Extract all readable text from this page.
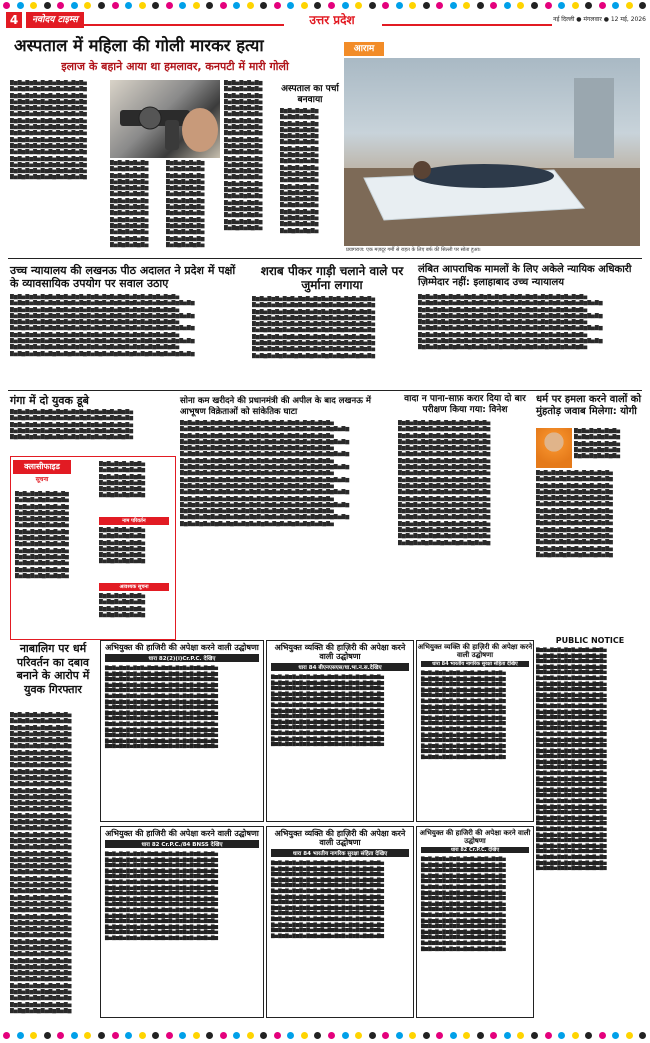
4	नवोदय टाइम्स	उत्तर प्रदेश	नई दिल्ली ● मंगलवार ● 12 मई, 2026
अस्पताल में महिला की गोली मारकर हत्या
इलाज के बहाने आया था हमलावर, कनपटी में मारी गोली
▇▆▇▅▇▆▇▅▇▆▇▅▇▆▇▅▇▆▇▅ ▇▅▇▆▇▅▇▆▇▅▇▆▇▅▇▆▇▅▇▆ ▇▆▇▅▇▆▇▅▇▆▇▅▇▆▇▅▇▆▇▅ ▇▅▇▆▇▅▇▆▇▅▇▆▇▅▇▆▇▅▇▆ ▇▆▇▅▇▆▇▅▇▆▇▅▇▆▇▅▇▆▇▅ ▇▅▇▆▇▅▇▆▇▅▇▆▇▅▇▆▇▅▇▆ ▇▆▇▅▇▆▇▅▇▆▇▅▇▆▇▅▇▆▇▅ ▇▅▇▆▇▅▇▆▇▅▇▆▇▅▇▆▇▅▇▆ ▇▆▇▅▇▆▇▅▇▆▇▅▇▆▇▅▇▆▇▅ ▇▅▇▆▇▅▇▆▇▅▇▆▇▅▇▆▇▅▇▆ ▇▆▇▅▇▆▇▅▇▆▇▅▇▆▇▅▇▆▇▅ ▇▅▇▆▇▅▇▆▇▅▇▆▇▅▇▆▇▅▇▆ ▇▆▇▅▇▆▇▅▇▆▇▅▇▆▇▅▇▆▇▅ ▇▅▇▆▇▅▇▆▇▅▇▆▇▅▇▆▇▅▇▆ ▇▆▇▅▇▆▇▅▇▆▇▅▇▆▇▅▇▆▇▅ ▇▅▇▆▇▅▇▆▇▅▇▆▇▅▇▆▇▅▇▆
▇▆▇▅▇▆▇▅▇▆ ▇▅▇▆▇▅▇▆▇▅ ▇▆▇▅▇▆▇▅▇▆ ▇▅▇▆▇▅▇▆▇▅ ▇▆▇▅▇▆▇▅▇▆ ▇▅▇▆▇▅▇▆▇▅ ▇▆▇▅▇▆▇▅▇▆ ▇▅▇▆▇▅▇▆▇▅ ▇▆▇▅▇▆▇▅▇▆ ▇▅▇▆▇▅▇▆▇▅ ▇▆▇▅▇▆▇▅▇▆ ▇▅▇▆▇▅▇▆▇▅ ▇▆▇▅▇▆▇▅▇▆ ▇▅▇▆▇▅▇▆▇▅
▇▆▇▅▇▆▇▅▇▆ ▇▅▇▆▇▅▇▆▇▅ ▇▆▇▅▇▆▇▅▇▆ ▇▅▇▆▇▅▇▆▇▅ ▇▆▇▅▇▆▇▅▇▆ ▇▅▇▆▇▅▇▆▇▅ ▇▆▇▅▇▆▇▅▇▆ ▇▅▇▆▇▅▇▆▇▅ ▇▆▇▅▇▆▇▅▇▆ ▇▅▇▆▇▅▇▆▇▅ ▇▆▇▅▇▆▇▅▇▆ ▇▅▇▆▇▅▇▆▇▅ ▇▆▇▅▇▆▇▅▇▆ ▇▅▇▆▇▅▇▆▇▅
▇▆▇▅▇▆▇▅▇▆ ▇▅▇▆▇▅▇▆▇▅ ▇▆▇▅▇▆▇▅▇▆ ▇▅▇▆▇▅▇▆▇▅ ▇▆▇▅▇▆▇▅▇▆ ▇▅▇▆▇▅▇▆▇▅ ▇▆▇▅▇▆▇▅▇▆ ▇▅▇▆▇▅▇▆▇▅ ▇▆▇▅▇▆▇▅▇▆ ▇▅▇▆▇▅▇▆▇▅ ▇▆▇▅▇▆▇▅▇▆ ▇▅▇▆▇▅▇▆▇▅ ▇▆▇▅▇▆▇▅▇▆ ▇▅▇▆▇▅▇▆▇▅ ▇▆▇▅▇▆▇▅▇▆ ▇▅▇▆▇▅▇▆▇▅ ▇▆▇▅▇▆▇▅▇▆ ▇▅▇▆▇▅▇▆▇▅ ▇▆▇▅▇▆▇▅▇▆ ▇▅▇▆▇▅▇▆▇▅ ▇▆▇▅▇▆▇▅▇▆ ▇▅▇▆▇▅▇▆▇▅ ▇▆▇▅▇▆▇▅▇▆ ▇▅▇▆▇▅▇▆▇▅
अस्पताल का पर्चा बनवाया
▇▆▇▅▇▆▇▅▇▆ ▇▅▇▆▇▅▇▆▇▅ ▇▆▇▅▇▆▇▅▇▆ ▇▅▇▆▇▅▇▆▇▅ ▇▆▇▅▇▆▇▅▇▆ ▇▅▇▆▇▅▇▆▇▅ ▇▆▇▅▇▆▇▅▇▆ ▇▅▇▆▇▅▇▆▇▅ ▇▆▇▅▇▆▇▅▇▆ ▇▅▇▆▇▅▇▆▇▅ ▇▆▇▅▇▆▇▅▇▆ ▇▅▇▆▇▅▇▆▇▅ ▇▆▇▅▇▆▇▅▇▆ ▇▅▇▆▇▅▇▆▇▅ ▇▆▇▅▇▆▇▅▇▆ ▇▅▇▆▇▅▇▆▇▅ ▇▆▇▅▇▆▇▅▇▆ ▇▅▇▆▇▅▇▆▇▅ ▇▆▇▅▇▆▇▅▇▆ ▇▅▇▆▇▅▇▆▇▅
आराम
प्रयागराज: एक मज़दूर गर्मी से राहत के लिए बर्फ की सिल्ली पर सोता हुआ।
उच्च न्यायालय की लखनऊ पीठ अदालत ने प्रदेश में पक्षों के व्यावसायिक उपयोग पर सवाल उठाए
▇▆▇▅▇▆▇▅▇▆▇▅▇▆▇▅▇▆▇▅▇▆▇▅▇▆▇▅▇▆▇▅▇▆▇▅▇▆▇▅▇▆▇▅ ▇▅▇▆▇▅▇▆▇▅▇▆▇▅▇▆▇▅▇▆▇▅▇▆▇▅▇▆▇▅▇▆▇▅▇▆▇▅▇▆▇▅▇▆▇▅▇▆ ▇▆▇▅▇▆▇▅▇▆▇▅▇▆▇▅▇▆▇▅▇▆▇▅▇▆▇▅▇▆▇▅▇▆▇▅▇▆▇▅▇▆▇▅ ▇▅▇▆▇▅▇▆▇▅▇▆▇▅▇▆▇▅▇▆▇▅▇▆▇▅▇▆▇▅▇▆▇▅▇▆▇▅▇▆▇▅▇▆▇▅▇▆ ▇▆▇▅▇▆▇▅▇▆▇▅▇▆▇▅▇▆▇▅▇▆▇▅▇▆▇▅▇▆▇▅▇▆▇▅▇▆▇▅▇▆▇▅ ▇▅▇▆▇▅▇▆▇▅▇▆▇▅▇▆▇▅▇▆▇▅▇▆▇▅▇▆▇▅▇▆▇▅▇▆▇▅▇▆▇▅▇▆▇▅▇▆ ▇▆▇▅▇▆▇▅▇▆▇▅▇▆▇▅▇▆▇▅▇▆▇▅▇▆▇▅▇▆▇▅▇▆▇▅▇▆▇▅▇▆▇▅ ▇▅▇▆▇▅▇▆▇▅▇▆▇▅▇▆▇▅▇▆▇▅▇▆▇▅▇▆▇▅▇▆▇▅▇▆▇▅▇▆▇▅▇▆▇▅▇▆ ▇▆▇▅▇▆▇▅▇▆▇▅▇▆▇▅▇▆▇▅▇▆▇▅▇▆▇▅▇▆▇▅▇▆▇▅▇▆▇▅▇▆▇▅ ▇▅▇▆▇▅▇▆▇▅▇▆▇▅▇▆▇▅▇▆▇▅▇▆▇▅▇▆▇▅▇▆▇▅▇▆▇▅▇▆▇▅▇▆▇▅▇▆
शराब पीकर गाड़ी चलाने वाले पर जुर्माना लगाया
▇▆▇▅▇▆▇▅▇▆▇▅▇▆▇▅▇▆▇▅▇▆▇▅▇▆▇▅▇▆▇▅ ▇▅▇▆▇▅▇▆▇▅▇▆▇▅▇▆▇▅▇▆▇▅▇▆▇▅▇▆▇▅▇▆ ▇▆▇▅▇▆▇▅▇▆▇▅▇▆▇▅▇▆▇▅▇▆▇▅▇▆▇▅▇▆▇▅ ▇▅▇▆▇▅▇▆▇▅▇▆▇▅▇▆▇▅▇▆▇▅▇▆▇▅▇▆▇▅▇▆ ▇▆▇▅▇▆▇▅▇▆▇▅▇▆▇▅▇▆▇▅▇▆▇▅▇▆▇▅▇▆▇▅ ▇▅▇▆▇▅▇▆▇▅▇▆▇▅▇▆▇▅▇▆▇▅▇▆▇▅▇▆▇▅▇▆ ▇▆▇▅▇▆▇▅▇▆▇▅▇▆▇▅▇▆▇▅▇▆▇▅▇▆▇▅▇▆▇▅ ▇▅▇▆▇▅▇▆▇▅▇▆▇▅▇▆▇▅▇▆▇▅▇▆▇▅▇▆▇▅▇▆ ▇▆▇▅▇▆▇▅▇▆▇▅▇▆▇▅▇▆▇▅▇▆▇▅▇▆▇▅▇▆▇▅ ▇▅▇▆▇▅▇▆▇▅▇▆▇▅▇▆▇▅▇▆▇▅▇▆▇▅▇▆▇▅▇▆
लंबित आपराधिक मामलों के लिए अकेले न्यायिक अधिकारी ज़िम्मेदार नहीं: इलाहाबाद उच्च न्यायालय
▇▆▇▅▇▆▇▅▇▆▇▅▇▆▇▅▇▆▇▅▇▆▇▅▇▆▇▅▇▆▇▅▇▆▇▅▇▆▇▅▇▆▇▅ ▇▅▇▆▇▅▇▆▇▅▇▆▇▅▇▆▇▅▇▆▇▅▇▆▇▅▇▆▇▅▇▆▇▅▇▆▇▅▇▆▇▅▇▆▇▅▇▆ ▇▆▇▅▇▆▇▅▇▆▇▅▇▆▇▅▇▆▇▅▇▆▇▅▇▆▇▅▇▆▇▅▇▆▇▅▇▆▇▅▇▆▇▅ ▇▅▇▆▇▅▇▆▇▅▇▆▇▅▇▆▇▅▇▆▇▅▇▆▇▅▇▆▇▅▇▆▇▅▇▆▇▅▇▆▇▅▇▆▇▅▇▆ ▇▆▇▅▇▆▇▅▇▆▇▅▇▆▇▅▇▆▇▅▇▆▇▅▇▆▇▅▇▆▇▅▇▆▇▅▇▆▇▅▇▆▇▅ ▇▅▇▆▇▅▇▆▇▅▇▆▇▅▇▆▇▅▇▆▇▅▇▆▇▅▇▆▇▅▇▆▇▅▇▆▇▅▇▆▇▅▇▆▇▅▇▆ ▇▆▇▅▇▆▇▅▇▆▇▅▇▆▇▅▇▆▇▅▇▆▇▅▇▆▇▅▇▆▇▅▇▆▇▅▇▆▇▅▇▆▇▅ ▇▅▇▆▇▅▇▆▇▅▇▆▇▅▇▆▇▅▇▆▇▅▇▆▇▅▇▆▇▅▇▆▇▅▇▆▇▅▇▆▇▅▇▆▇▅▇▆ ▇▆▇▅▇▆▇▅▇▆▇▅▇▆▇▅▇▆▇▅▇▆▇▅▇▆▇▅▇▆▇▅▇▆▇▅▇▆▇▅▇▆▇▅
गंगा में दो युवक डूबे
▇▆▇▅▇▆▇▅▇▆▇▅▇▆▇▅▇▆▇▅▇▆▇▅▇▆▇▅▇▆▇▅ ▇▅▇▆▇▅▇▆▇▅▇▆▇▅▇▆▇▅▇▆▇▅▇▆▇▅▇▆▇▅▇▆ ▇▆▇▅▇▆▇▅▇▆▇▅▇▆▇▅▇▆▇▅▇▆▇▅▇▆▇▅▇▆▇▅ ▇▅▇▆▇▅▇▆▇▅▇▆▇▅▇▆▇▅▇▆▇▅▇▆▇▅▇▆▇▅▇▆ ▇▆▇▅▇▆▇▅▇▆▇▅▇▆▇▅▇▆▇▅▇▆▇▅▇▆▇▅▇▆▇▅
क्लासीफाइड
सूचना
नाम परिवर्तन
आवश्यक सूचना
▇▆▇▅▇▆▇▅▇▆▇▅▇▆ ▇▅▇▆▇▅▇▆▇▅▇▆▇▅ ▇▆▇▅▇▆▇▅▇▆▇▅▇▆ ▇▅▇▆▇▅▇▆▇▅▇▆▇▅ ▇▆▇▅▇▆▇▅▇▆▇▅▇▆ ▇▅▇▆▇▅▇▆▇▅▇▆▇▅ ▇▆▇▅▇▆▇▅▇▆▇▅▇▆ ▇▅▇▆▇▅▇▆▇▅▇▆▇▅ ▇▆▇▅▇▆▇▅▇▆▇▅▇▆ ▇▅▇▆▇▅▇▆▇▅▇▆▇▅ ▇▆▇▅▇▆▇▅▇▆▇▅▇▆ ▇▅▇▆▇▅▇▆▇▅▇▆▇▅ ▇▆▇▅▇▆▇▅▇▆▇▅▇▆ ▇▅▇▆▇▅▇▆▇▅▇▆▇▅
▇▆▇▅▇▆▇▅▇▆▇▅ ▇▅▇▆▇▅▇▆▇▅▇▆ ▇▆▇▅▇▆▇▅▇▆▇▅ ▇▅▇▆▇▅▇▆▇▅▇▆ ▇▆▇▅▇▆▇▅▇▆▇▅ ▇▅▇▆▇▅▇▆▇▅▇▆
▇▆▇▅▇▆▇▅▇▆▇▅ ▇▅▇▆▇▅▇▆▇▅▇▆ ▇▆▇▅▇▆▇▅▇▆▇▅ ▇▅▇▆▇▅▇▆▇▅▇▆ ▇▆▇▅▇▆▇▅▇▆▇▅ ▇▅▇▆▇▅▇▆▇▅▇▆
▇▆▇▅▇▆▇▅▇▆▇▅ ▇▅▇▆▇▅▇▆▇▅▇▆ ▇▆▇▅▇▆▇▅▇▆▇▅ ▇▅▇▆▇▅▇▆▇▅▇▆
सोना कम खरीदने की प्रधानमंत्री की अपील के बाद लखनऊ में आभूषण विक्रेताओं को सांकेतिक घाटा
▇▆▇▅▇▆▇▅▇▆▇▅▇▆▇▅▇▆▇▅▇▆▇▅▇▆▇▅▇▆▇▅▇▆▇▅▇▆▇▅ ▇▅▇▆▇▅▇▆▇▅▇▆▇▅▇▆▇▅▇▆▇▅▇▆▇▅▇▆▇▅▇▆▇▅▇▆▇▅▇▆▇▅▇▆ ▇▆▇▅▇▆▇▅▇▆▇▅▇▆▇▅▇▆▇▅▇▆▇▅▇▆▇▅▇▆▇▅▇▆▇▅▇▆▇▅ ▇▅▇▆▇▅▇▆▇▅▇▆▇▅▇▆▇▅▇▆▇▅▇▆▇▅▇▆▇▅▇▆▇▅▇▆▇▅▇▆▇▅▇▆ ▇▆▇▅▇▆▇▅▇▆▇▅▇▆▇▅▇▆▇▅▇▆▇▅▇▆▇▅▇▆▇▅▇▆▇▅▇▆▇▅ ▇▅▇▆▇▅▇▆▇▅▇▆▇▅▇▆▇▅▇▆▇▅▇▆▇▅▇▆▇▅▇▆▇▅▇▆▇▅▇▆▇▅▇▆ ▇▆▇▅▇▆▇▅▇▆▇▅▇▆▇▅▇▆▇▅▇▆▇▅▇▆▇▅▇▆▇▅▇▆▇▅▇▆▇▅ ▇▅▇▆▇▅▇▆▇▅▇▆▇▅▇▆▇▅▇▆▇▅▇▆▇▅▇▆▇▅▇▆▇▅▇▆▇▅▇▆▇▅▇▆ ▇▆▇▅▇▆▇▅▇▆▇▅▇▆▇▅▇▆▇▅▇▆▇▅▇▆▇▅▇▆▇▅▇▆▇▅▇▆▇▅ ▇▅▇▆▇▅▇▆▇▅▇▆▇▅▇▆▇▅▇▆▇▅▇▆▇▅▇▆▇▅▇▆▇▅▇▆▇▅▇▆▇▅▇▆ ▇▆▇▅▇▆▇▅▇▆▇▅▇▆▇▅▇▆▇▅▇▆▇▅▇▆▇▅▇▆▇▅▇▆▇▅▇▆▇▅ ▇▅▇▆▇▅▇▆▇▅▇▆▇▅▇▆▇▅▇▆▇▅▇▆▇▅▇▆▇▅▇▆▇▅▇▆▇▅▇▆▇▅▇▆ ▇▆▇▅▇▆▇▅▇▆▇▅▇▆▇▅▇▆▇▅▇▆▇▅▇▆▇▅▇▆▇▅▇▆▇▅▇▆▇▅ ▇▅▇▆▇▅▇▆▇▅▇▆▇▅▇▆▇▅▇▆▇▅▇▆▇▅▇▆▇▅▇▆▇▅▇▆▇▅▇▆▇▅▇▆ ▇▆▇▅▇▆▇▅▇▆▇▅▇▆▇▅▇▆▇▅▇▆▇▅▇▆▇▅▇▆▇▅▇▆▇▅▇▆▇▅ ▇▅▇▆▇▅▇▆▇▅▇▆▇▅▇▆▇▅▇▆▇▅▇▆▇▅▇▆▇▅▇▆▇▅▇▆▇▅▇▆▇▅▇▆ ▇▆▇▅▇▆▇▅▇▆▇▅▇▆▇▅▇▆▇▅▇▆▇▅▇▆▇▅▇▆▇▅▇▆▇▅▇▆▇▅
वादा न पाना-साफ़ करार दिया दो बार परीक्षण किया गया: विनेश
▇▆▇▅▇▆▇▅▇▆▇▅▇▆▇▅▇▆▇▅▇▆▇▅ ▇▅▇▆▇▅▇▆▇▅▇▆▇▅▇▆▇▅▇▆▇▅▇▆ ▇▆▇▅▇▆▇▅▇▆▇▅▇▆▇▅▇▆▇▅▇▆▇▅ ▇▅▇▆▇▅▇▆▇▅▇▆▇▅▇▆▇▅▇▆▇▅▇▆ ▇▆▇▅▇▆▇▅▇▆▇▅▇▆▇▅▇▆▇▅▇▆▇▅ ▇▅▇▆▇▅▇▆▇▅▇▆▇▅▇▆▇▅▇▆▇▅▇▆ ▇▆▇▅▇▆▇▅▇▆▇▅▇▆▇▅▇▆▇▅▇▆▇▅ ▇▅▇▆▇▅▇▆▇▅▇▆▇▅▇▆▇▅▇▆▇▅▇▆ ▇▆▇▅▇▆▇▅▇▆▇▅▇▆▇▅▇▆▇▅▇▆▇▅ ▇▅▇▆▇▅▇▆▇▅▇▆▇▅▇▆▇▅▇▆▇▅▇▆ ▇▆▇▅▇▆▇▅▇▆▇▅▇▆▇▅▇▆▇▅▇▆▇▅ ▇▅▇▆▇▅▇▆▇▅▇▆▇▅▇▆▇▅▇▆▇▅▇▆ ▇▆▇▅▇▆▇▅▇▆▇▅▇▆▇▅▇▆▇▅▇▆▇▅ ▇▅▇▆▇▅▇▆▇▅▇▆▇▅▇▆▇▅▇▆▇▅▇▆ ▇▆▇▅▇▆▇▅▇▆▇▅▇▆▇▅▇▆▇▅▇▆▇▅ ▇▅▇▆▇▅▇▆▇▅▇▆▇▅▇▆▇▅▇▆▇▅▇▆ ▇▆▇▅▇▆▇▅▇▆▇▅▇▆▇▅▇▆▇▅▇▆▇▅ ▇▅▇▆▇▅▇▆▇▅▇▆▇▅▇▆▇▅▇▆▇▅▇▆ ▇▆▇▅▇▆▇▅▇▆▇▅▇▆▇▅▇▆▇▅▇▆▇▅ ▇▅▇▆▇▅▇▆▇▅▇▆▇▅▇▆▇▅▇▆▇▅▇▆
धर्म पर हमला करने वालों को मुंहतोड़ जवाब मिलेगा: योगी
▇▆▇▅▇▆▇▅▇▆▇▅ ▇▅▇▆▇▅▇▆▇▅▇▆ ▇▆▇▅▇▆▇▅▇▆▇▅ ▇▅▇▆▇▅▇▆▇▅▇▆ ▇▆▇▅▇▆▇▅▇▆▇▅
▇▆▇▅▇▆▇▅▇▆▇▅▇▆▇▅▇▆▇▅ ▇▅▇▆▇▅▇▆▇▅▇▆▇▅▇▆▇▅▇▆ ▇▆▇▅▇▆▇▅▇▆▇▅▇▆▇▅▇▆▇▅ ▇▅▇▆▇▅▇▆▇▅▇▆▇▅▇▆▇▅▇▆ ▇▆▇▅▇▆▇▅▇▆▇▅▇▆▇▅▇▆▇▅ ▇▅▇▆▇▅▇▆▇▅▇▆▇▅▇▆▇▅▇▆ ▇▆▇▅▇▆▇▅▇▆▇▅▇▆▇▅▇▆▇▅ ▇▅▇▆▇▅▇▆▇▅▇▆▇▅▇▆▇▅▇▆ ▇▆▇▅▇▆▇▅▇▆▇▅▇▆▇▅▇▆▇▅ ▇▅▇▆▇▅▇▆▇▅▇▆▇▅▇▆▇▅▇▆ ▇▆▇▅▇▆▇▅▇▆▇▅▇▆▇▅▇▆▇▅ ▇▅▇▆▇▅▇▆▇▅▇▆▇▅▇▆▇▅▇▆ ▇▆▇▅▇▆▇▅▇▆▇▅▇▆▇▅▇▆▇▅ ▇▅▇▆▇▅▇▆▇▅▇▆▇▅▇▆▇▅▇▆
नाबालिग पर धर्म परिवर्तन का दबाव बनाने के आरोप में युवक गिरफ्तार
▇▆▇▅▇▆▇▅▇▆▇▅▇▆▇▅ ▇▅▇▆▇▅▇▆▇▅▇▆▇▅▇▆ ▇▆▇▅▇▆▇▅▇▆▇▅▇▆▇▅ ▇▅▇▆▇▅▇▆▇▅▇▆▇▅▇▆ ▇▆▇▅▇▆▇▅▇▆▇▅▇▆▇▅ ▇▅▇▆▇▅▇▆▇▅▇▆▇▅▇▆ ▇▆▇▅▇▆▇▅▇▆▇▅▇▆▇▅ ▇▅▇▆▇▅▇▆▇▅▇▆▇▅▇▆ ▇▆▇▅▇▆▇▅▇▆▇▅▇▆▇▅ ▇▅▇▆▇▅▇▆▇▅▇▆▇▅▇▆ ▇▆▇▅▇▆▇▅▇▆▇▅▇▆▇▅ ▇▅▇▆▇▅▇▆▇▅▇▆▇▅▇▆ ▇▆▇▅▇▆▇▅▇▆▇▅▇▆▇▅ ▇▅▇▆▇▅▇▆▇▅▇▆▇▅▇▆ ▇▆▇▅▇▆▇▅▇▆▇▅▇▆▇▅ ▇▅▇▆▇▅▇▆▇▅▇▆▇▅▇▆ ▇▆▇▅▇▆▇▅▇▆▇▅▇▆▇▅ ▇▅▇▆▇▅▇▆▇▅▇▆▇▅▇▆ ▇▆▇▅▇▆▇▅▇▆▇▅▇▆▇▅ ▇▅▇▆▇▅▇▆▇▅▇▆▇▅▇▆ ▇▆▇▅▇▆▇▅▇▆▇▅▇▆▇▅ ▇▅▇▆▇▅▇▆▇▅▇▆▇▅▇▆ ▇▆▇▅▇▆▇▅▇▆▇▅▇▆▇▅ ▇▅▇▆▇▅▇▆▇▅▇▆▇▅▇▆ ▇▆▇▅▇▆▇▅▇▆▇▅▇▆▇▅ ▇▅▇▆▇▅▇▆▇▅▇▆▇▅▇▆ ▇▆▇▅▇▆▇▅▇▆▇▅▇▆▇▅ ▇▅▇▆▇▅▇▆▇▅▇▆▇▅▇▆ ▇▆▇▅▇▆▇▅▇▆▇▅▇▆▇▅ ▇▅▇▆▇▅▇▆▇▅▇▆▇▅▇▆ ▇▆▇▅▇▆▇▅▇▆▇▅▇▆▇▅ ▇▅▇▆▇▅▇▆▇▅▇▆▇▅▇▆ ▇▆▇▅▇▆▇▅▇▆▇▅▇▆▇▅ ▇▅▇▆▇▅▇▆▇▅▇▆▇▅▇▆ ▇▆▇▅▇▆▇▅▇▆▇▅▇▆▇▅ ▇▅▇▆▇▅▇▆▇▅▇▆▇▅▇▆ ▇▆▇▅▇▆▇▅▇▆▇▅▇▆▇▅ ▇▅▇▆▇▅▇▆▇▅▇▆▇▅▇▆ ▇▆▇▅▇▆▇▅▇▆▇▅▇▆▇▅ ▇▅▇▆▇▅▇▆▇▅▇▆▇▅▇▆ ▇▆▇▅▇▆▇▅▇▆▇▅▇▆▇▅ ▇▅▇▆▇▅▇▆▇▅▇▆▇▅▇▆ ▇▆▇▅▇▆▇▅▇▆▇▅▇▆▇▅ ▇▅▇▆▇▅▇▆▇▅▇▆▇▅▇▆ ▇▆▇▅▇▆▇▅▇▆▇▅▇▆▇▅ ▇▅▇▆▇▅▇▆▇▅▇▆▇▅▇▆ ▇▆▇▅▇▆▇▅▇▆▇▅▇▆▇▅ ▇▅▇▆▇▅▇▆▇▅▇▆▇▅▇▆
अभियुक्त की हाजिरी की अपेक्षा करने वाली उद्घोषणा
धारा 82(2)(i)Cr.P.C. देखिए
▇▆▇▅▇▆▇▅▇▆▇▅▇▆▇▅▇▆▇▅▇▆▇▅▇▆▇▅▇▆▇▅ ▇▅▇▆▇▅▇▆▇▅▇▆▇▅▇▆▇▅▇▆▇▅▇▆▇▅▇▆▇▅▇▆ ▇▆▇▅▇▆▇▅▇▆▇▅▇▆▇▅▇▆▇▅▇▆▇▅▇▆▇▅▇▆▇▅ ▇▅▇▆▇▅▇▆▇▅▇▆▇▅▇▆▇▅▇▆▇▅▇▆▇▅▇▆▇▅▇▆ ▇▆▇▅▇▆▇▅▇▆▇▅▇▆▇▅▇▆▇▅▇▆▇▅▇▆▇▅▇▆▇▅ ▇▅▇▆▇▅▇▆▇▅▇▆▇▅▇▆▇▅▇▆▇▅▇▆▇▅▇▆▇▅▇▆ ▇▆▇▅▇▆▇▅▇▆▇▅▇▆▇▅▇▆▇▅▇▆▇▅▇▆▇▅▇▆▇▅ ▇▅▇▆▇▅▇▆▇▅▇▆▇▅▇▆▇▅▇▆▇▅▇▆▇▅▇▆▇▅▇▆ ▇▆▇▅▇▆▇▅▇▆▇▅▇▆▇▅▇▆▇▅▇▆▇▅▇▆▇▅▇▆▇▅ ▇▅▇▆▇▅▇▆▇▅▇▆▇▅▇▆▇▅▇▆▇▅▇▆▇▅▇▆▇▅▇▆ ▇▆▇▅▇▆▇▅▇▆▇▅▇▆▇▅▇▆▇▅▇▆▇▅▇▆▇▅▇▆▇▅ ▇▅▇▆▇▅▇▆▇▅▇▆▇▅▇▆▇▅▇▆▇▅▇▆▇▅▇▆▇▅▇▆ ▇▆▇▅▇▆▇▅▇▆▇▅▇▆▇▅▇▆▇▅▇▆▇▅▇▆▇▅▇▆▇▅ ▇▅▇▆▇▅▇▆▇▅▇▆▇▅▇▆▇▅▇▆▇▅▇▆▇▅▇▆▇▅▇▆ ▇▆▇▅▇▆▇▅▇▆▇▅▇▆▇▅▇▆▇▅▇▆▇▅▇▆▇▅▇▆▇▅
अभियुक्त व्यक्ति की हाज़िरी की अपेक्षा करने वाली उद्घोषणा
धारा 84 बीएनएसएस/धा.भा.न.स.देखिए
▇▆▇▅▇▆▇▅▇▆▇▅▇▆▇▅▇▆▇▅▇▆▇▅▇▆▇▅▇▆▇▅ ▇▅▇▆▇▅▇▆▇▅▇▆▇▅▇▆▇▅▇▆▇▅▇▆▇▅▇▆▇▅▇▆ ▇▆▇▅▇▆▇▅▇▆▇▅▇▆▇▅▇▆▇▅▇▆▇▅▇▆▇▅▇▆▇▅ ▇▅▇▆▇▅▇▆▇▅▇▆▇▅▇▆▇▅▇▆▇▅▇▆▇▅▇▆▇▅▇▆ ▇▆▇▅▇▆▇▅▇▆▇▅▇▆▇▅▇▆▇▅▇▆▇▅▇▆▇▅▇▆▇▅ ▇▅▇▆▇▅▇▆▇▅▇▆▇▅▇▆▇▅▇▆▇▅▇▆▇▅▇▆▇▅▇▆ ▇▆▇▅▇▆▇▅▇▆▇▅▇▆▇▅▇▆▇▅▇▆▇▅▇▆▇▅▇▆▇▅ ▇▅▇▆▇▅▇▆▇▅▇▆▇▅▇▆▇▅▇▆▇▅▇▆▇▅▇▆▇▅▇▆ ▇▆▇▅▇▆▇▅▇▆▇▅▇▆▇▅▇▆▇▅▇▆▇▅▇▆▇▅▇▆▇▅ ▇▅▇▆▇▅▇▆▇▅▇▆▇▅▇▆▇▅▇▆▇▅▇▆▇▅▇▆▇▅▇▆ ▇▆▇▅▇▆▇▅▇▆▇▅▇▆▇▅▇▆▇▅▇▆▇▅▇▆▇▅▇▆▇▅ ▇▅▇▆▇▅▇▆▇▅▇▆▇▅▇▆▇▅▇▆▇▅▇▆▇▅▇▆▇▅▇▆ ▇▆▇▅▇▆▇▅▇▆▇▅▇▆▇▅▇▆▇▅▇▆▇▅▇▆▇▅▇▆▇▅
अभियुक्त व्यक्ति की हाज़िरी की अपेक्षा करने वाली उद्घोषणा
धारा 84 भारतीय नागरिक सुरक्षा संहिता देखिए
▇▆▇▅▇▆▇▅▇▆▇▅▇▆▇▅▇▆▇▅▇▆▇▅ ▇▅▇▆▇▅▇▆▇▅▇▆▇▅▇▆▇▅▇▆▇▅▇▆ ▇▆▇▅▇▆▇▅▇▆▇▅▇▆▇▅▇▆▇▅▇▆▇▅ ▇▅▇▆▇▅▇▆▇▅▇▆▇▅▇▆▇▅▇▆▇▅▇▆ ▇▆▇▅▇▆▇▅▇▆▇▅▇▆▇▅▇▆▇▅▇▆▇▅ ▇▅▇▆▇▅▇▆▇▅▇▆▇▅▇▆▇▅▇▆▇▅▇▆ ▇▆▇▅▇▆▇▅▇▆▇▅▇▆▇▅▇▆▇▅▇▆▇▅ ▇▅▇▆▇▅▇▆▇▅▇▆▇▅▇▆▇▅▇▆▇▅▇▆ ▇▆▇▅▇▆▇▅▇▆▇▅▇▆▇▅▇▆▇▅▇▆▇▅ ▇▅▇▆▇▅▇▆▇▅▇▆▇▅▇▆▇▅▇▆▇▅▇▆ ▇▆▇▅▇▆▇▅▇▆▇▅▇▆▇▅▇▆▇▅▇▆▇▅ ▇▅▇▆▇▅▇▆▇▅▇▆▇▅▇▆▇▅▇▆▇▅▇▆ ▇▆▇▅▇▆▇▅▇▆▇▅▇▆▇▅▇▆▇▅▇▆▇▅ ▇▅▇▆▇▅▇▆▇▅▇▆▇▅▇▆▇▅▇▆▇▅▇▆ ▇▆▇▅▇▆▇▅▇▆▇▅▇▆▇▅▇▆▇▅▇▆▇▅ ▇▅▇▆▇▅▇▆▇▅▇▆▇▅▇▆▇▅▇▆▇▅▇▆
PUBLIC NOTICE
▇▆▇▅▇▆▇▅▇▆▇▅▇▆▇▅▇▆▇▅ ▇▅▇▆▇▅▇▆▇▅▇▆▇▅▇▆▇▅▇▆ ▇▆▇▅▇▆▇▅▇▆▇▅▇▆▇▅▇▆▇▅ ▇▅▇▆▇▅▇▆▇▅▇▆▇▅▇▆▇▅▇▆ ▇▆▇▅▇▆▇▅▇▆▇▅▇▆▇▅▇▆▇▅ ▇▅▇▆▇▅▇▆▇▅▇▆▇▅▇▆▇▅▇▆ ▇▆▇▅▇▆▇▅▇▆▇▅▇▆▇▅▇▆▇▅ ▇▅▇▆▇▅▇▆▇▅▇▆▇▅▇▆▇▅▇▆ ▇▆▇▅▇▆▇▅▇▆▇▅▇▆▇▅▇▆▇▅ ▇▅▇▆▇▅▇▆▇▅▇▆▇▅▇▆▇▅▇▆ ▇▆▇▅▇▆▇▅▇▆▇▅▇▆▇▅▇▆▇▅ ▇▅▇▆▇▅▇▆▇▅▇▆▇▅▇▆▇▅▇▆ ▇▆▇▅▇▆▇▅▇▆▇▅▇▆▇▅▇▆▇▅ ▇▅▇▆▇▅▇▆▇▅▇▆▇▅▇▆▇▅▇▆ ▇▆▇▅▇▆▇▅▇▆▇▅▇▆▇▅▇▆▇▅ ▇▅▇▆▇▅▇▆▇▅▇▆▇▅▇▆▇▅▇▆ ▇▆▇▅▇▆▇▅▇▆▇▅▇▆▇▅▇▆▇▅ ▇▅▇▆▇▅▇▆▇▅▇▆▇▅▇▆▇▅▇▆ ▇▆▇▅▇▆▇▅▇▆▇▅▇▆▇▅▇▆▇▅ ▇▅▇▆▇▅▇▆▇▅▇▆▇▅▇▆▇▅▇▆ ▇▆▇▅▇▆▇▅▇▆▇▅▇▆▇▅▇▆▇▅ ▇▅▇▆▇▅▇▆▇▅▇▆▇▅▇▆▇▅▇▆ ▇▆▇▅▇▆▇▅▇▆▇▅▇▆▇▅▇▆▇▅ ▇▅▇▆▇▅▇▆▇▅▇▆▇▅▇▆▇▅▇▆ ▇▆▇▅▇▆▇▅▇▆▇▅▇▆▇▅▇▆▇▅ ▇▅▇▆▇▅▇▆▇▅▇▆▇▅▇▆▇▅▇▆ ▇▆▇▅▇▆▇▅▇▆▇▅▇▆▇▅▇▆▇▅ ▇▅▇▆▇▅▇▆▇▅▇▆▇▅▇▆▇▅▇▆ ▇▆▇▅▇▆▇▅▇▆▇▅▇▆▇▅▇▆▇▅ ▇▅▇▆▇▅▇▆▇▅▇▆▇▅▇▆▇▅▇▆ ▇▆▇▅▇▆▇▅▇▆▇▅▇▆▇▅▇▆▇▅ ▇▅▇▆▇▅▇▆▇▅▇▆▇▅▇▆▇▅▇▆ ▇▆▇▅▇▆▇▅▇▆▇▅▇▆▇▅▇▆▇▅ ▇▅▇▆▇▅▇▆▇▅▇▆▇▅▇▆▇▅▇▆ ▇▆▇▅▇▆▇▅▇▆▇▅▇▆▇▅▇▆▇▅ ▇▅▇▆▇▅▇▆▇▅▇▆▇▅▇▆▇▅▇▆ ▇▆▇▅▇▆▇▅▇▆▇▅▇▆▇▅▇▆▇▅ ▇▅▇▆▇▅▇▆▇▅▇▆▇▅▇▆▇▅▇▆ ▇▆▇▅▇▆▇▅▇▆▇▅▇▆▇▅▇▆▇▅ ▇▅▇▆▇▅▇▆▇▅▇▆▇▅▇▆▇▅▇▆
अभियुक्त की हाजिरी की अपेक्षा करने वाली उद्घोषणा
धारा 82 Cr.P.C./84 BNSS देखिए
▇▆▇▅▇▆▇▅▇▆▇▅▇▆▇▅▇▆▇▅▇▆▇▅▇▆▇▅▇▆▇▅ ▇▅▇▆▇▅▇▆▇▅▇▆▇▅▇▆▇▅▇▆▇▅▇▆▇▅▇▆▇▅▇▆ ▇▆▇▅▇▆▇▅▇▆▇▅▇▆▇▅▇▆▇▅▇▆▇▅▇▆▇▅▇▆▇▅ ▇▅▇▆▇▅▇▆▇▅▇▆▇▅▇▆▇▅▇▆▇▅▇▆▇▅▇▆▇▅▇▆ ▇▆▇▅▇▆▇▅▇▆▇▅▇▆▇▅▇▆▇▅▇▆▇▅▇▆▇▅▇▆▇▅ ▇▅▇▆▇▅▇▆▇▅▇▆▇▅▇▆▇▅▇▆▇▅▇▆▇▅▇▆▇▅▇▆ ▇▆▇▅▇▆▇▅▇▆▇▅▇▆▇▅▇▆▇▅▇▆▇▅▇▆▇▅▇▆▇▅ ▇▅▇▆▇▅▇▆▇▅▇▆▇▅▇▆▇▅▇▆▇▅▇▆▇▅▇▆▇▅▇▆ ▇▆▇▅▇▆▇▅▇▆▇▅▇▆▇▅▇▆▇▅▇▆▇▅▇▆▇▅▇▆▇▅ ▇▅▇▆▇▅▇▆▇▅▇▆▇▅▇▆▇▅▇▆▇▅▇▆▇▅▇▆▇▅▇▆ ▇▆▇▅▇▆▇▅▇▆▇▅▇▆▇▅▇▆▇▅▇▆▇▅▇▆▇▅▇▆▇▅ ▇▅▇▆▇▅▇▆▇▅▇▆▇▅▇▆▇▅▇▆▇▅▇▆▇▅▇▆▇▅▇▆ ▇▆▇▅▇▆▇▅▇▆▇▅▇▆▇▅▇▆▇▅▇▆▇▅▇▆▇▅▇▆▇▅ ▇▅▇▆▇▅▇▆▇▅▇▆▇▅▇▆▇▅▇▆▇▅▇▆▇▅▇▆▇▅▇▆ ▇▆▇▅▇▆▇▅▇▆▇▅▇▆▇▅▇▆▇▅▇▆▇▅▇▆▇▅▇▆▇▅ ▇▅▇▆▇▅▇▆▇▅▇▆▇▅▇▆▇▅▇▆▇▅▇▆▇▅▇▆▇▅▇▆
अभियुक्त व्यक्ति की हाज़िरी की अपेक्षा करने वाली उद्घोषणा
धारा 84 भारतीय नागरिक सुरक्षा संहिता देखिए
▇▆▇▅▇▆▇▅▇▆▇▅▇▆▇▅▇▆▇▅▇▆▇▅▇▆▇▅▇▆▇▅ ▇▅▇▆▇▅▇▆▇▅▇▆▇▅▇▆▇▅▇▆▇▅▇▆▇▅▇▆▇▅▇▆ ▇▆▇▅▇▆▇▅▇▆▇▅▇▆▇▅▇▆▇▅▇▆▇▅▇▆▇▅▇▆▇▅ ▇▅▇▆▇▅▇▆▇▅▇▆▇▅▇▆▇▅▇▆▇▅▇▆▇▅▇▆▇▅▇▆ ▇▆▇▅▇▆▇▅▇▆▇▅▇▆▇▅▇▆▇▅▇▆▇▅▇▆▇▅▇▆▇▅ ▇▅▇▆▇▅▇▆▇▅▇▆▇▅▇▆▇▅▇▆▇▅▇▆▇▅▇▆▇▅▇▆ ▇▆▇▅▇▆▇▅▇▆▇▅▇▆▇▅▇▆▇▅▇▆▇▅▇▆▇▅▇▆▇▅ ▇▅▇▆▇▅▇▆▇▅▇▆▇▅▇▆▇▅▇▆▇▅▇▆▇▅▇▆▇▅▇▆ ▇▆▇▅▇▆▇▅▇▆▇▅▇▆▇▅▇▆▇▅▇▆▇▅▇▆▇▅▇▆▇▅ ▇▅▇▆▇▅▇▆▇▅▇▆▇▅▇▆▇▅▇▆▇▅▇▆▇▅▇▆▇▅▇▆ ▇▆▇▅▇▆▇▅▇▆▇▅▇▆▇▅▇▆▇▅▇▆▇▅▇▆▇▅▇▆▇▅ ▇▅▇▆▇▅▇▆▇▅▇▆▇▅▇▆▇▅▇▆▇▅▇▆▇▅▇▆▇▅▇▆ ▇▆▇▅▇▆▇▅▇▆▇▅▇▆▇▅▇▆▇▅▇▆▇▅▇▆▇▅▇▆▇▅ ▇▅▇▆▇▅▇▆▇▅▇▆▇▅▇▆▇▅▇▆▇▅▇▆▇▅▇▆▇▅▇▆
अभियुक्त की हाजिरी की अपेक्षा करने वाली उद्घोषणा
धारा 82 Cr.P.C. देखिए
▇▆▇▅▇▆▇▅▇▆▇▅▇▆▇▅▇▆▇▅▇▆▇▅ ▇▅▇▆▇▅▇▆▇▅▇▆▇▅▇▆▇▅▇▆▇▅▇▆ ▇▆▇▅▇▆▇▅▇▆▇▅▇▆▇▅▇▆▇▅▇▆▇▅ ▇▅▇▆▇▅▇▆▇▅▇▆▇▅▇▆▇▅▇▆▇▅▇▆ ▇▆▇▅▇▆▇▅▇▆▇▅▇▆▇▅▇▆▇▅▇▆▇▅ ▇▅▇▆▇▅▇▆▇▅▇▆▇▅▇▆▇▅▇▆▇▅▇▆ ▇▆▇▅▇▆▇▅▇▆▇▅▇▆▇▅▇▆▇▅▇▆▇▅ ▇▅▇▆▇▅▇▆▇▅▇▆▇▅▇▆▇▅▇▆▇▅▇▆ ▇▆▇▅▇▆▇▅▇▆▇▅▇▆▇▅▇▆▇▅▇▆▇▅ ▇▅▇▆▇▅▇▆▇▅▇▆▇▅▇▆▇▅▇▆▇▅▇▆ ▇▆▇▅▇▆▇▅▇▆▇▅▇▆▇▅▇▆▇▅▇▆▇▅ ▇▅▇▆▇▅▇▆▇▅▇▆▇▅▇▆▇▅▇▆▇▅▇▆ ▇▆▇▅▇▆▇▅▇▆▇▅▇▆▇▅▇▆▇▅▇▆▇▅ ▇▅▇▆▇▅▇▆▇▅▇▆▇▅▇▆▇▅▇▆▇▅▇▆ ▇▆▇▅▇▆▇▅▇▆▇▅▇▆▇▅▇▆▇▅▇▆▇▅ ▇▅▇▆▇▅▇▆▇▅▇▆▇▅▇▆▇▅▇▆▇▅▇▆ ▇▆▇▅▇▆▇▅▇▆▇▅▇▆▇▅▇▆▇▅▇▆▇▅
